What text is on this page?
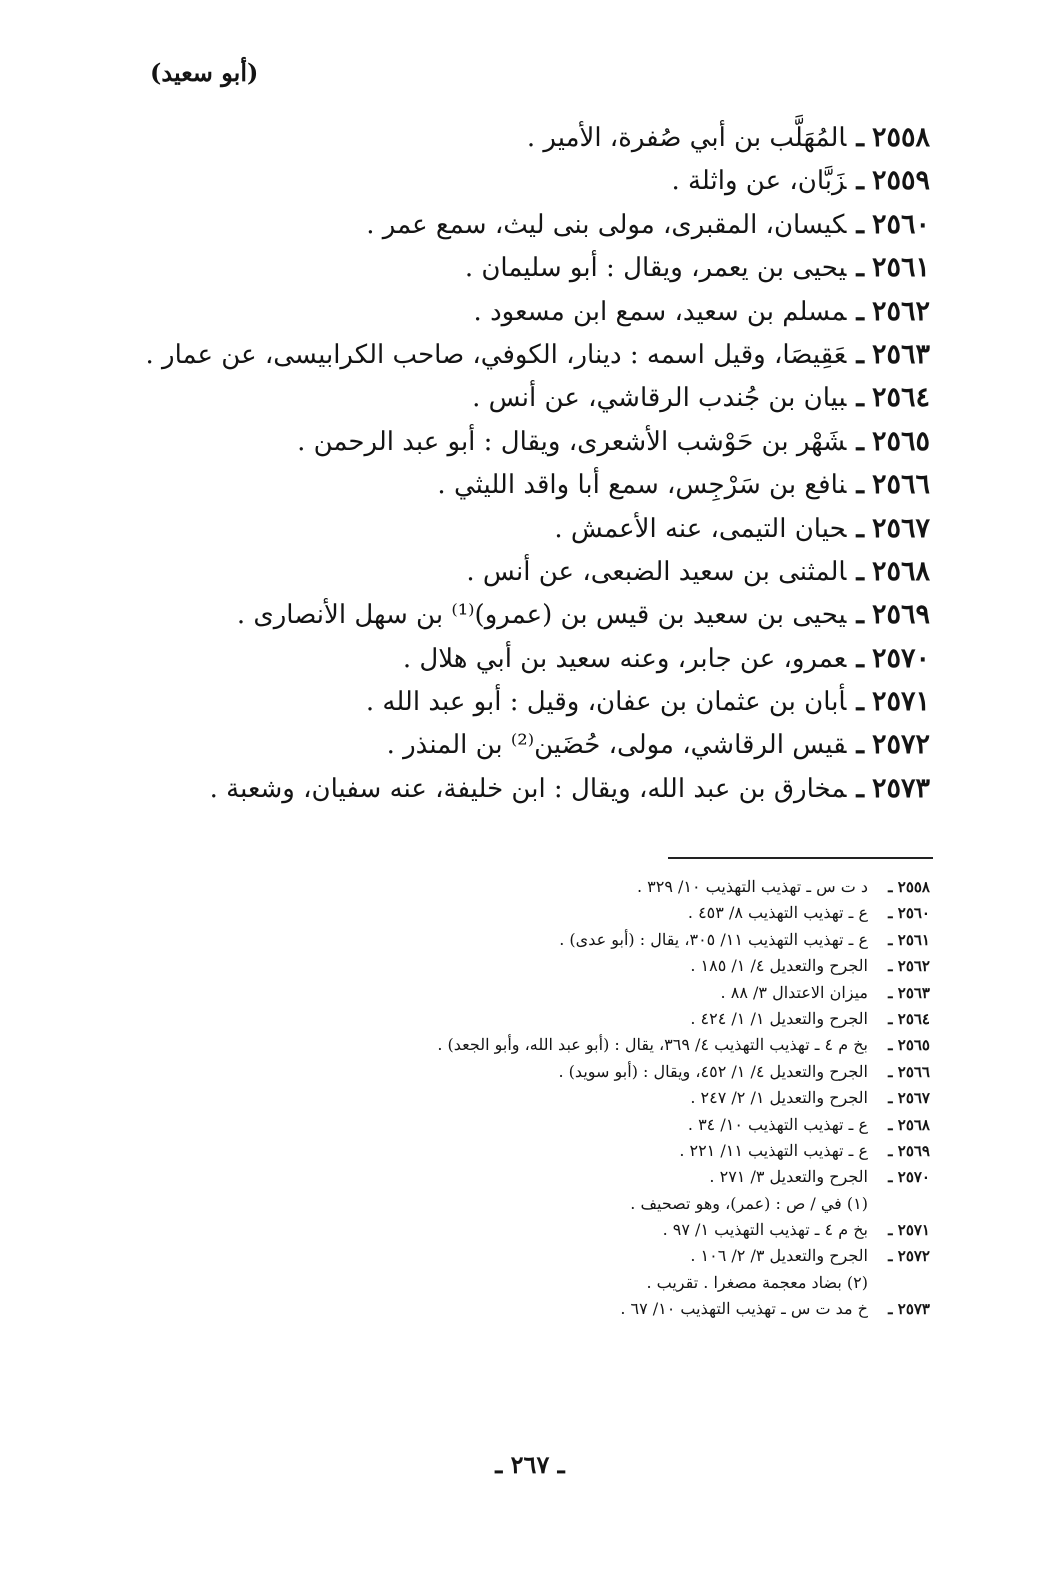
(أبو سعيد)
٢٥٥٨ـالمُهَلَّب بن أبي صُفرة، الأمير .
٢٥٥٩ـزَبَّان، عن واثلة .
٢٥٦٠ـكيسان، المقبرى، مولى بنى ليث، سمع عمر .
٢٥٦١ـيحيى بن يعمر، ويقال : أبو سليمان .
٢٥٦٢ـمسلم بن سعيد، سمع ابن مسعود .
٢٥٦٣ـعَقِيصَا، وقيل اسمه : دينار، الكوفي، صاحب الكرابيسى، عن عمار .
٢٥٦٤ـبيان بن جُندب الرقاشي، عن أنس .
٢٥٦٥ـشَهْر بن حَوْشب الأشعرى، ويقال : أبو عبد الرحمن .
٢٥٦٦ـنافع بن سَرْجِس، سمع أبا واقد الليثي .
٢٥٦٧ـحيان التيمى، عنه الأعمش .
٢٥٦٨ـالمثنى بن سعيد الضبعى، عن أنس .
٢٥٦٩ـيحيى بن سعيد بن قيس بن (عمرو)⁽¹⁾ بن سهل الأنصارى .
٢٥٧٠ـعمرو، عن جابر، وعنه سعيد بن أبي هلال .
٢٥٧١ـأبان بن عثمان بن عفان، وقيل : أبو عبد الله .
٢٥٧٢ـقيس الرقاشي، مولى، حُضَين⁽²⁾ بن المنذر .
٢٥٧٣ـمخارق بن عبد الله، ويقال : ابن خليفة، عنه سفيان، وشعبة .
٢٥٥٨ ـ
د ت س ـ تهذيب التهذيب ١٠/ ٣٢٩ .
٢٥٦٠ ـ
ع ـ تهذيب التهذيب ٨/ ٤٥٣ .
٢٥٦١ ـ
ع ـ تهذيب التهذيب ١١/ ٣٠٥، يقال : (أبو عدى) .
٢٥٦٢ ـ
الجرح والتعديل ٤/ ١/ ١٨٥ .
٢٥٦٣ ـ
ميزان الاعتدال ٣/ ٨٨ .
٢٥٦٤ ـ
الجرح والتعديل ١/ ١/ ٤٢٤ .
٢٥٦٥ ـ
بخ م ٤ ـ تهذيب التهذيب ٤/ ٣٦٩، يقال : (أبو عبد الله، وأبو الجعد) .
٢٥٦٦ ـ
الجرح والتعديل ٤/ ١/ ٤٥٢، ويقال : (أبو سويد) .
٢٥٦٧ ـ
الجرح والتعديل ١/ ٢/ ٢٤٧ .
٢٥٦٨ ـ
ع ـ تهذيب التهذيب ١٠/ ٣٤ .
٢٥٦٩ ـ
ع ـ تهذيب التهذيب ١١/ ٢٢١ .
٢٥٧٠ ـ
الجرح والتعديل ٣/ ٢٧١ .
(١) في / ص : (عمر)، وهو تصحيف .
٢٥٧١ ـ
بخ م ٤ ـ تهذيب التهذيب ١/ ٩٧ .
٢٥٧٢ ـ
الجرح والتعديل ٣/ ٢/ ١٠٦ .
(٢) بضاد معجمة مصغرا . تقريب .
٢٥٧٣ ـ
خ مد ت س ـ تهذيب التهذيب ١٠/ ٦٧ .
ـ ٢٦٧ ـ
